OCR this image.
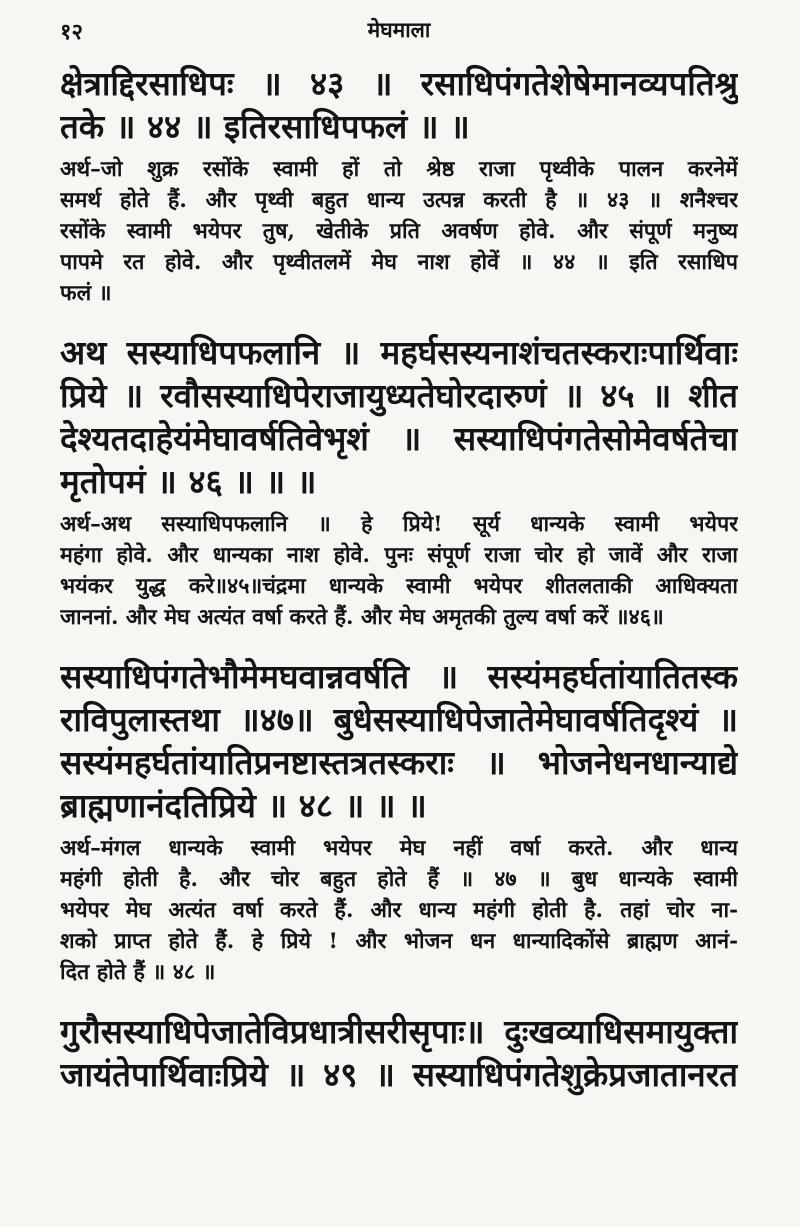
१२	मेघमाला

क्षेत्राद्दिरसाधिपः ॥ ४३ ॥ रसाधिपंगतेशेषेमानव्यपतिश्रु
तके ॥ ४४ ॥ इतिरसाधिपफलं ॥ ॥

अर्थ–जो शुक्र रसोंके स्वामी हों तो श्रेष्ठ राजा पृथ्वीके पालन करनेमें
समर्थ होते हैं. और पृथ्वी बहुत धान्य उत्पन्न करती है ॥ ४३ ॥ शनैश्चर
रसोंके स्वामी भयेपर तुष, खेतीके प्रति अवर्षण होवे. और संपूर्ण मनुष्य
पापमे रत होवे. और पृथ्वीतलमें मेघ नाश होवें ॥ ४४ ॥ इति रसाधिप
फलं ॥

अथ सस्याधिपफलानि ॥ महर्घसस्यनाशंचतस्कराःपार्थिवाः
प्रिये ॥ रवौसस्याधिपेराजायुध्यतेघोरदारुणं ॥ ४५ ॥ शीत
देश्यतदाहेयंमेघावर्षतिवेभृशं ॥ सस्याधिपंगतेसोमेवर्षतेचा
मृतोपमं ॥ ४६ ॥ ॥ ॥

अर्थ–अथ सस्याधिपफलानि ॥ हे प्रिये! सूर्य धान्यके स्वामी भयेपर
महंगा होवे. और धान्यका नाश होवे. पुनः संपूर्ण राजा चोर हो जावें और राजा
भयंकर युद्ध करे॥४५॥चंद्रमा धान्यके स्वामी भयेपर शीतलताकी आधिक्यता
जाननां. और मेघ अत्यंत वर्षा करते हैं. और मेघ अमृतकी तुल्य वर्षा करें ॥४६॥

सस्याधिपंगतेभौमेमघवान्नवर्षति ॥ सस्यंमहर्घतांयातितस्क
राविपुलास्तथा ॥४७॥ बुधेसस्याधिपेजातेमेघावर्षतिदृश्यं ॥
सस्यंमहर्घतांयातिप्रनष्टास्तत्रतस्कराः ॥ भोजनेधनधान्याद्ये
ब्राह्मणानंदतिप्रिये ॥ ४८ ॥ ॥ ॥

अर्थ–मंगल धान्यके स्वामी भयेपर मेघ नहीं वर्षा करते. और धान्य
महंगी होती है. और चोर बहुत होते हैं ॥ ४७ ॥ बुध धान्यके स्वामी
भयेपर मेघ अत्यंत वर्षा करते हैं. और धान्य महंगी होती है. तहां चोर ना-
शको प्राप्त होते हैं. हे प्रिये ! और भोजन धन धान्यादिकोंसे ब्राह्मण आनं-
दित होते हैं ॥ ४८ ॥

गुरौसस्याधिपेजातेविप्रधात्रीसरीसृपाः॥ दुःखव्याधिसमायुक्ता
जायंतेपार्थिवाःप्रिये ॥ ४९ ॥ सस्याधिपंगतेशुक्रेप्रजातानरत
